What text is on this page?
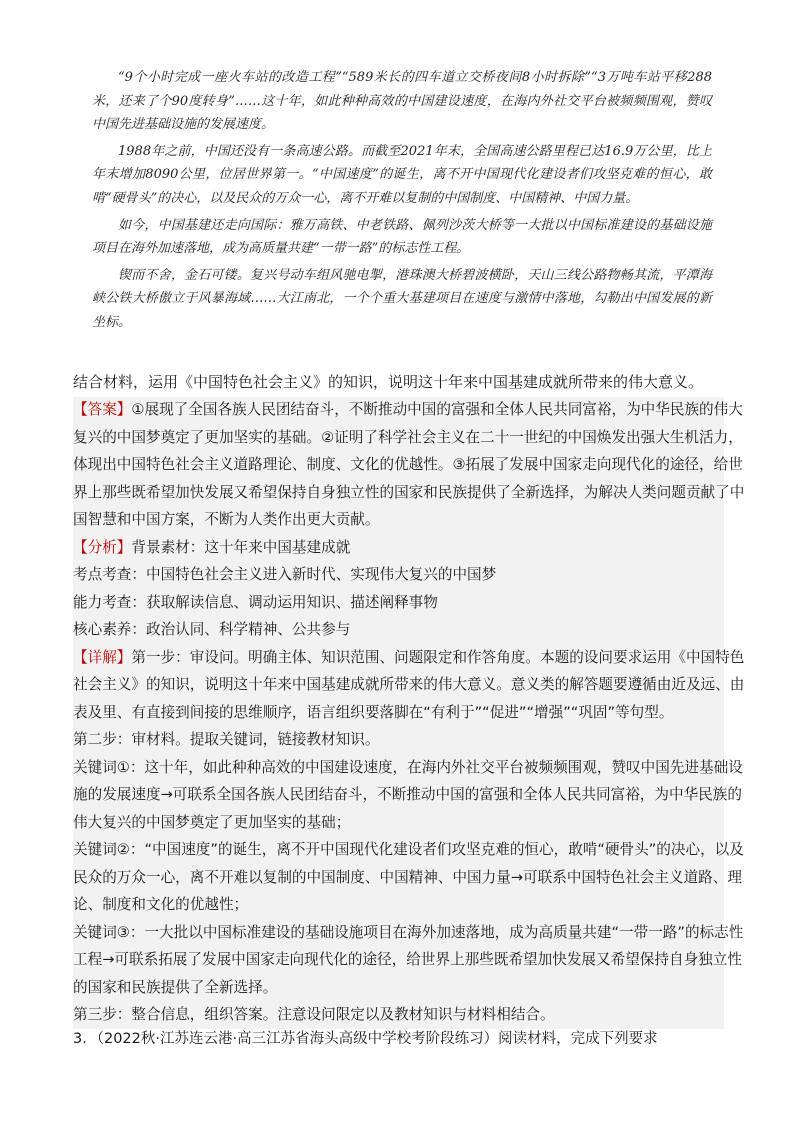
“9个小时完成一座火车站的改造工程”“589米长的四车道立交桥夜间8小时拆除”“3万吨车站平移288米，还来了个90度转身”……这十年，如此种种高效的中国建设速度，在海内外社交平台被频频围观，赞叹中国先进基础设施的发展速度。

1988年之前，中国还没有一条高速公路。而截至2021年末，全国高速公路里程已达16.9万公里，比上年末增加8090公里，位居世界第一。“中国速度”的诞生，离不开中国现代化建设者们攻坚克难的恒心，敢啃“硬骨头”的决心，以及民众的万众一心，离不开难以复制的中国制度、中国精神、中国力量。

如今，中国基建还走向国际：雅万高铁、中老铁路、佩列沙茨大桥等一大批以中国标准建设的基础设施项目在海外加速落地，成为高质量共建“一带一路”的标志性工程。

锲而不舍，金石可镂。复兴号动车组风驰电掣，港珠澳大桥碧波横卧，天山三线公路物畅其流，平潭海峡公铁大桥傲立于风暴海域……大江南北，一个个重大基建项目在速度与激情中落地，勾勒出中国发展的新坐标。

结合材料，运用《中国特色社会主义》的知识，说明这十年来中国基建成就所带来的伟大意义。
【答案】①展现了全国各族人民团结奋斗，不断推动中国的富强和全体人民共同富裕，为中华民族的伟大
复兴的中国梦奠定了更加坚实的基础。②证明了科学社会主义在二十一世纪的中国焕发出强大生机活力，
体现出中国特色社会主义道路理论、制度、文化的优越性。③拓展了发展中国家走向现代化的途径，给世
界上那些既希望加快发展又希望保持自身独立性的国家和民族提供了全新选择，为解决人类问题贡献了中
国智慧和中国方案，不断为人类作出更大贡献。
【分析】背景素材：这十年来中国基建成就
考点考查：中国特色社会主义进入新时代、实现伟大复兴的中国梦
能力考查：获取解读信息、调动运用知识、描述阐释事物
核心素养：政治认同、科学精神、公共参与
【详解】第一步：审设问。明确主体、知识范围、问题限定和作答角度。本题的设问要求运用《中国特色
社会主义》的知识，说明这十年来中国基建成就所带来的伟大意义。意义类的解答题要遵循由近及远、由
表及里、有直接到间接的思维顺序，语言组织要落脚在“有利于”“促进”“增强”“巩固”等句型。
第二步：审材料。提取关键词，链接教材知识。
关键词①：这十年，如此种种高效的中国建设速度，在海内外社交平台被频频围观，赞叹中国先进基础设
施的发展速度→可联系全国各族人民团结奋斗，不断推动中国的富强和全体人民共同富裕，为中华民族的
伟大复兴的中国梦奠定了更加坚实的基础；
关键词②：“中国速度”的诞生，离不开中国现代化建设者们攻坚克难的恒心，敢啃“硬骨头”的决心，以及
民众的万众一心，离不开难以复制的中国制度、中国精神、中国力量→可联系中国特色社会主义道路、理
论、制度和文化的优越性；
关键词③：一大批以中国标准建设的基础设施项目在海外加速落地，成为高质量共建“一带一路”的标志性
工程→可联系拓展了发展中国家走向现代化的途径，给世界上那些既希望加快发展又希望保持自身独立性
的国家和民族提供了全新选择。
第三步：整合信息，组织答案。注意设问限定以及教材知识与材料相结合。
3．（2022秋·江苏连云港·高三江苏省海头高级中学校考阶段练习）阅读材料，完成下列要求
